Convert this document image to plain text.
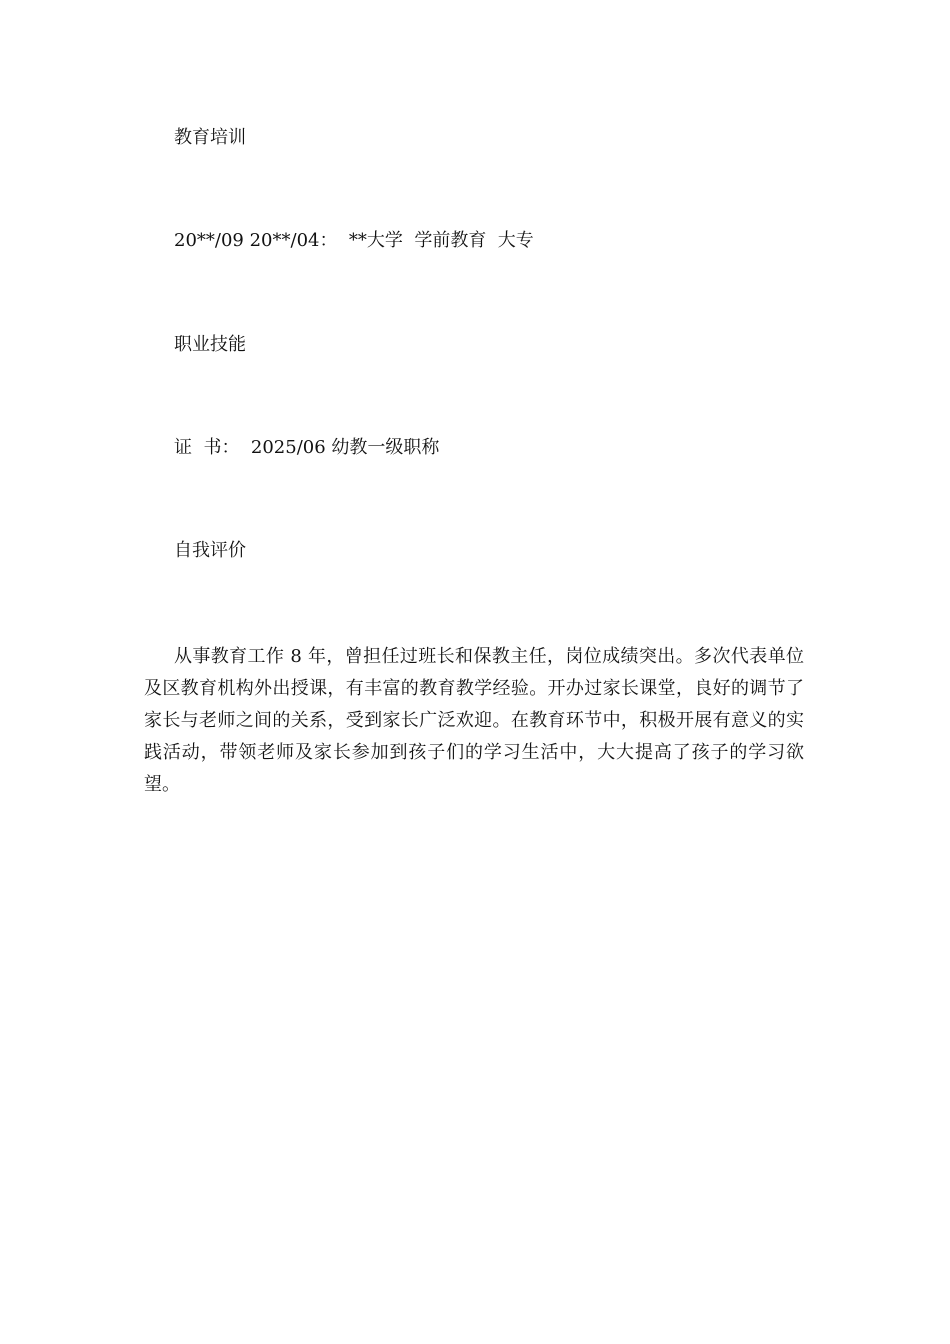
教育培训
20**/09 20**/04：  **大学  学前教育  大专
职业技能
证  书：  2025/06 幼教一级职称
自我评价

从事教育工作 8 年，曾担任过班长和保教主任，岗位成绩突出。多次代表单位及区教育机构外出授课，有丰富的教育教学经验。开办过家长课堂，良好的调节了家长与老师之间的关系，受到家长广泛欢迎。在教育环节中，积极开展有意义的实践活动，带领老师及家长参加到孩子们的学习生活中，大大提高了孩子的学习欲望。
